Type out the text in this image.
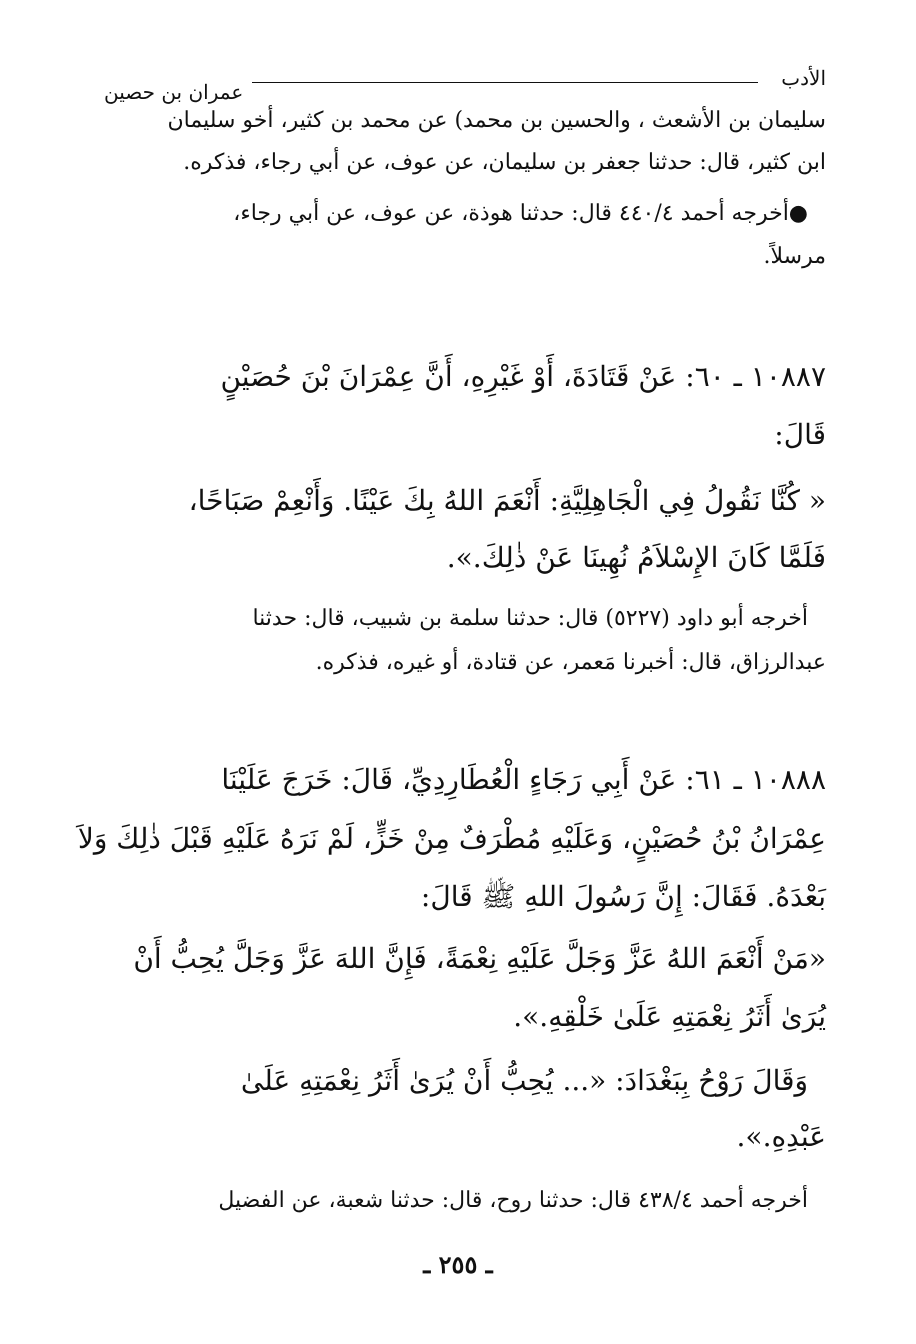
الأدب
عمران بن حصين
سليمان بن الأشعث ، والحسين بن محمد) عن محمد بن كثير، أخو سليمان
ابن كثير، قال: حدثنا جعفر بن سليمان، عن عوف، عن أبي رجاء، فذكره.
●أخرجه أحمد ٤٤٠/٤ قال: حدثنا هوذة، عن عوف، عن أبي رجاء،
مرسلاً.
١٠٨٨٧ ـ ٦٠: عَنْ قَتَادَةَ، أَوْ غَيْرِهِ، أَنَّ عِمْرَانَ بْنَ حُصَيْنٍ
قَالَ:
« كُنَّا نَقُولُ فِي الْجَاهِلِيَّةِ: أَنْعَمَ اللهُ بِكَ عَيْنًا. وَأَنْعِمْ صَبَاحًا،
فَلَمَّا كَانَ الإِسْلاَمُ نُهِينَا عَنْ ذٰلِكَ.».
أخرجه أبو داود (٥٢٢٧) قال: حدثنا سلمة بن شبيب، قال: حدثنا
عبدالرزاق، قال: أخبرنا مَعمر، عن قتادة، أو غيره، فذكره.
١٠٨٨٨ ـ ٦١: عَنْ أَبِي رَجَاءٍ الْعُطَارِدِيِّ، قَالَ: خَرَجَ عَلَيْنَا
عِمْرَانُ بْنُ حُصَيْنٍ، وَعَلَيْهِ مُطْرَفٌ مِنْ خَزٍّ، لَمْ نَرَهُ عَلَيْهِ قَبْلَ ذٰلِكَ وَلاَ
بَعْدَهُ. فَقَالَ: إِنَّ رَسُولَ اللهِ ﷺ قَالَ:
«مَنْ أَنْعَمَ اللهُ عَزَّ وَجَلَّ عَلَيْهِ نِعْمَةً، فَإِنَّ اللهَ عَزَّ وَجَلَّ يُحِبُّ أَنْ
يُرَىٰ أَثَرُ نِعْمَتِهِ عَلَىٰ خَلْقِهِ.».
وَقَالَ رَوْحُ بِبَغْدَادَ: «... يُحِبُّ أَنْ يُرَىٰ أَثَرُ نِعْمَتِهِ عَلَىٰ
عَبْدِهِ.».
أخرجه أحمد ٤٣٨/٤ قال: حدثنا روح، قال: حدثنا شعبة، عن الفضيل
ـ ٢٥٥ ـ
